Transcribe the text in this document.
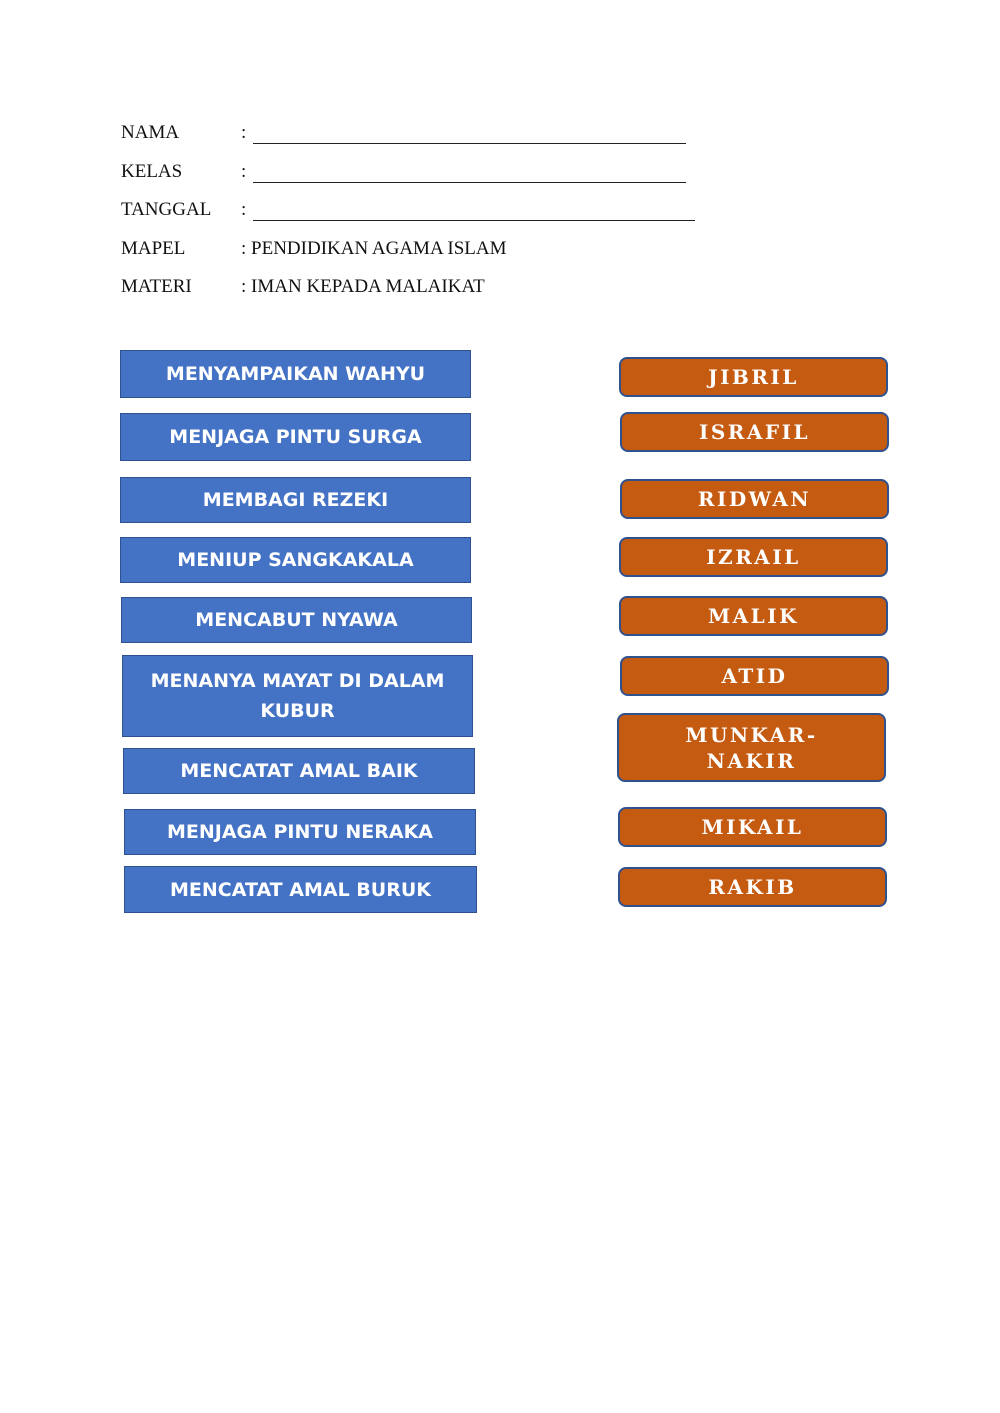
NAMA	:
KELAS	:
TANGGAL :
MAPEL	: PENDIDIKAN AGAMA ISLAM
MATERI	: IMAN KEPADA MALAIKAT
MENYAMPAIKAN WAHYU
MENJAGA PINTU SURGA
MEMBAGI REZEKI
MENIUP SANGKAKALA
MENCABUT NYAWA
MENANYA MAYAT DI DALAM KUBUR
MENCATAT AMAL BAIK
MENJAGA PINTU NERAKA
MENCATAT AMAL BURUK
JIBRIL
ISRAFIL
RIDWAN
IZRAIL
MALIK
ATID
MUNKAR-NAKIR
MIKAIL
RAKIB
